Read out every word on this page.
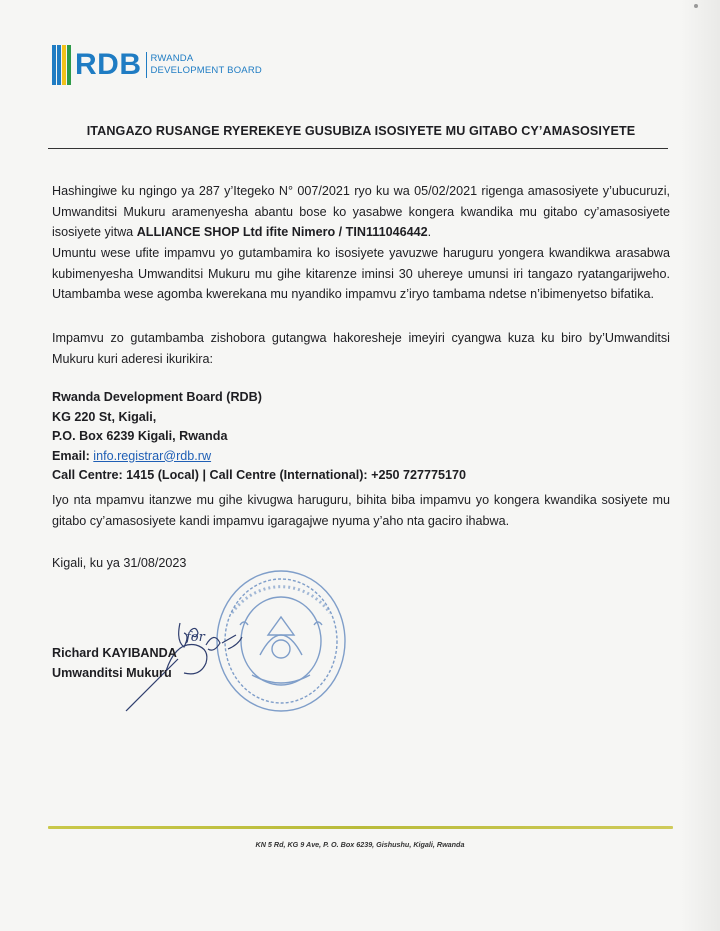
RDB RWANDA
DEVELOPMENT BOARD
ITANGAZO RUSANGE RYEREKEYE GUSUBIZA ISOSIYETE MU GITABO CY’AMASOSIYETE

Hashingiwe ku ngingo ya 287 y’Itegeko N° 007/2021 ryo ku wa 05/02/2021 rigenga amasosiyete y’ubucuruzi, Umwanditsi Mukuru aramenyesha abantu bose ko yasabwe kongera kwandika mu gitabo cy’amasosiyete isosiyete yitwa ALLIANCE SHOP Ltd ifite Nimero / TIN111046442.

Umuntu wese ufite impamvu yo gutambamira ko isosiyete yavuzwe haruguru yongera kwandikwa arasabwa kubimenyesha Umwanditsi Mukuru mu gihe kitarenze iminsi 30 uhereye umunsi iri tangazo ryatangarijweho. Utambamba wese agomba kwerekana mu nyandiko impamvu z’iryo tambama ndetse n’ibimenyetso bifatika.

Impamvu zo gutambamba zishobora gutangwa hakoresheje imeyiri cyangwa kuza ku biro by’Umwanditsi Mukuru kuri aderesi ikurikira:

Rwanda Development Board (RDB)
KG 220 St, Kigali,
P.O. Box 6239 Kigali, Rwanda
Email: info.registrar@rdb.rw
Call Centre: 1415 (Local) | Call Centre (International): +250 727775170

Iyo nta mpamvu itanzwe mu gihe kivugwa haruguru, bihita biba impamvu yo kongera kwandika sosiyete mu gitabo cy’amasosiyete kandi impamvu igaragajwe nyuma y’aho nta gaciro ihabwa.

Kigali, ku ya 31/08/2023

for
Richard KAYIBANDA
Umwanditsi Mukuru
KN 5 Rd, KG 9 Ave, P. O. Box 6239, Gishushu, Kigali, Rwanda
